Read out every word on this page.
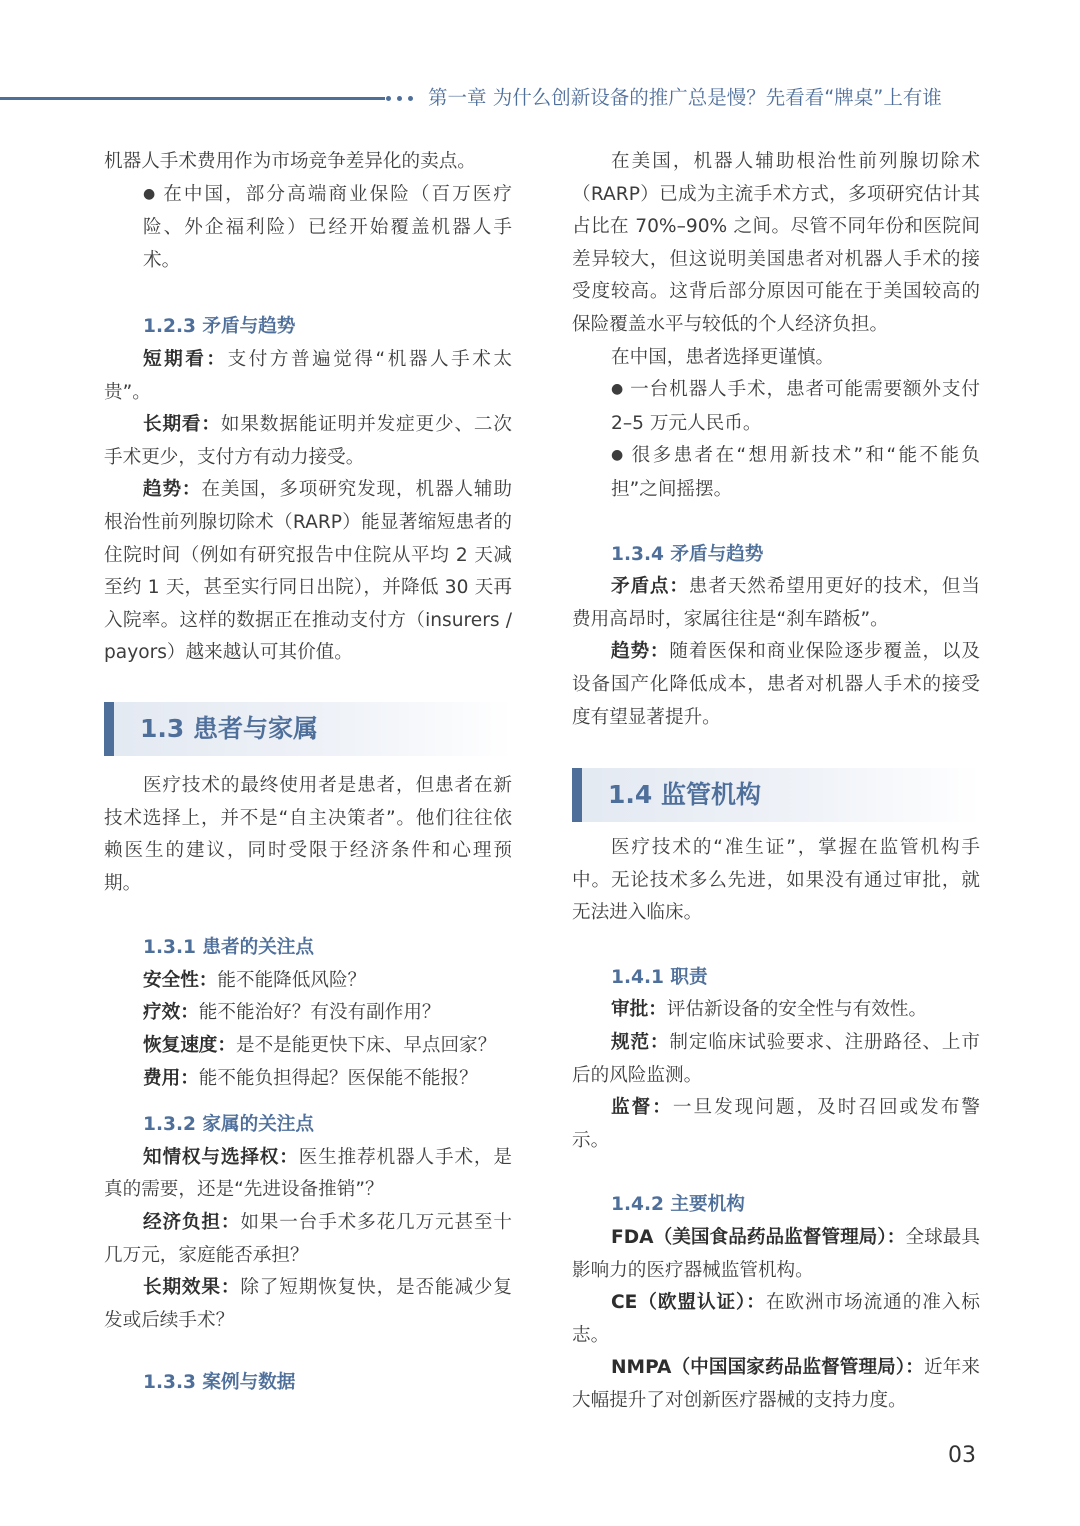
第一章 为什么创新设备的推广总是慢？先看看“牌桌”上有谁

机器人手术费用作为市场竞争差异化的卖点。

● 在中国，部分高端商业保险（百万医疗险、外企福利险）已经开始覆盖机器人手术。

1.2.3 矛盾与趋势

短期看：支付方普遍觉得“机器人手术太贵”。

长期看：如果数据能证明并发症更少、二次手术更少，支付方有动力接受。

趋势：在美国，多项研究发现，机器人辅助根治性前列腺切除术（RARP）能显著缩短患者的住院时间（例如有研究报告中住院从平均 2 天减至约 1 天，甚至实行同日出院），并降低 30 天再入院率。这样的数据正在推动支付方（insurers / payors）越来越认可其价值。

1.3 患者与家属

医疗技术的最终使用者是患者，但患者在新技术选择上，并不是“自主决策者”。他们往往依赖医生的建议，同时受限于经济条件和心理预期。

1.3.1 患者的关注点

安全性：能不能降低风险？

疗效：能不能治好？有没有副作用？

恢复速度：是不是能更快下床、早点回家？

费用：能不能负担得起？医保能不能报？

1.3.2 家属的关注点

知情权与选择权：医生推荐机器人手术，是真的需要，还是“先进设备推销”？

经济负担：如果一台手术多花几万元甚至十几万元，家庭能否承担？

长期效果：除了短期恢复快，是否能减少复发或后续手术？

1.3.3 案例与数据

在美国，机器人辅助根治性前列腺切除术（RARP）已成为主流手术方式，多项研究估计其占比在 70%–90% 之间。尽管不同年份和医院间差异较大，但这说明美国患者对机器人手术的接受度较高。这背后部分原因可能在于美国较高的保险覆盖水平与较低的个人经济负担。

在中国，患者选择更谨慎。

● 一台机器人手术，患者可能需要额外支付 2–5 万元人民币。

● 很多患者在“想用新技术”和“能不能负担”之间摇摆。

1.3.4 矛盾与趋势

矛盾点：患者天然希望用更好的技术，但当费用高昂时，家属往往是“刹车踏板”。

趋势：随着医保和商业保险逐步覆盖，以及设备国产化降低成本，患者对机器人手术的接受度有望显著提升。

1.4 监管机构

医疗技术的“准生证”，掌握在监管机构手中。无论技术多么先进，如果没有通过审批，就无法进入临床。

1.4.1 职责

审批：评估新设备的安全性与有效性。

规范：制定临床试验要求、注册路径、上市后的风险监测。

监督：一旦发现问题，及时召回或发布警示。

1.4.2 主要机构

FDA（美国食品药品监督管理局）：全球最具影响力的医疗器械监管机构。

CE（欧盟认证）：在欧洲市场流通的准入标志。

NMPA（中国国家药品监督管理局）：近年来大幅提升了对创新医疗器械的支持力度。

03
